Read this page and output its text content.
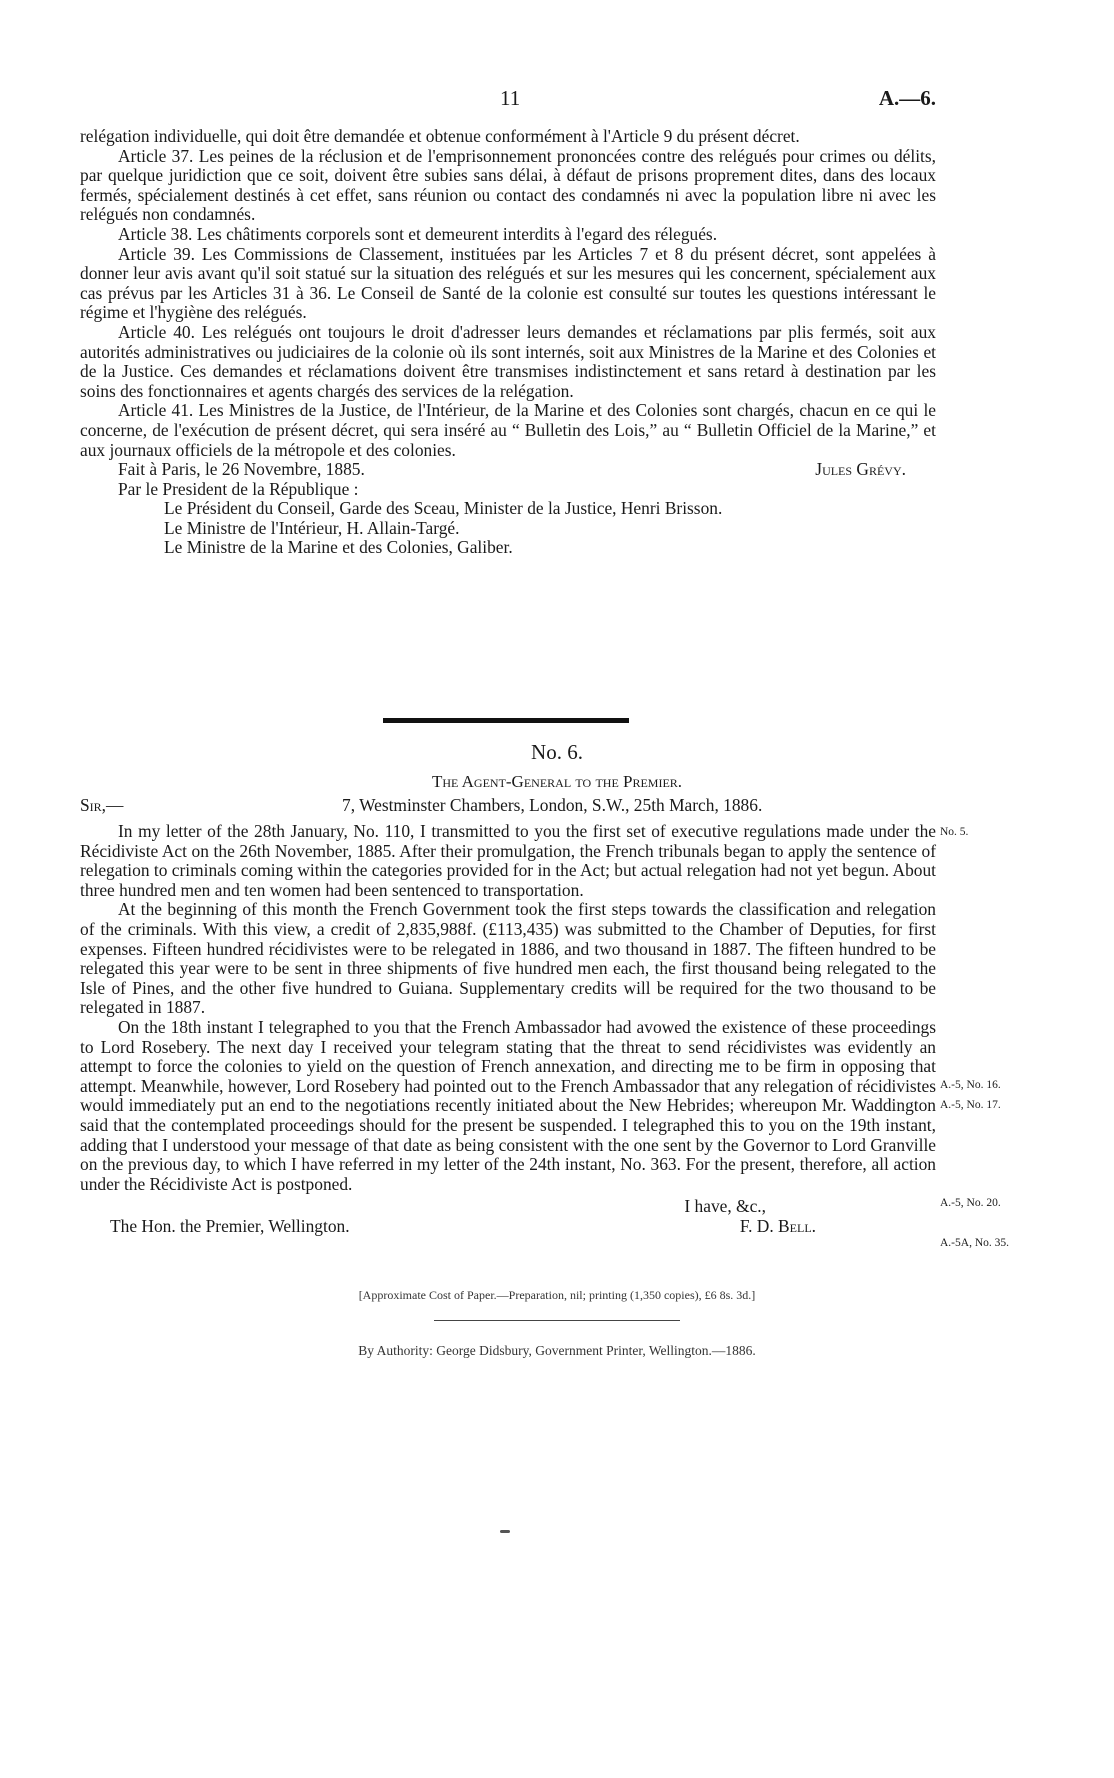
11	A.—6.

relégation individuelle, qui doit être demandée et obtenue conformément à l'Article 9 du présent décret.

Article 37. Les peines de la réclusion et de l'emprisonnement prononcées contre des relégués pour crimes ou délits, par quelque juridiction que ce soit, doivent être subies sans délai, à défaut de prisons proprement dites, dans des locaux fermés, spécialement destinés à cet effet, sans réunion ou contact des condamnés ni avec la population libre ni avec les relégués non condamnés.

Article 38. Les châtiments corporels sont et demeurent interdits à l'egard des rélegués.

Article 39. Les Commissions de Classement, instituées par les Articles 7 et 8 du présent décret, sont appelées à donner leur avis avant qu'il soit statué sur la situation des relégués et sur les mesures qui les concernent, spécialement aux cas prévus par les Articles 31 à 36. Le Conseil de Santé de la colonie est consulté sur toutes les questions intéressant le régime et l'hygiène des relégués.

Article 40. Les relégués ont toujours le droit d'adresser leurs demandes et réclamations par plis fermés, soit aux autorités administratives ou judiciaires de la colonie où ils sont internés, soit aux Ministres de la Marine et des Colonies et de la Justice. Ces demandes et réclamations doivent être transmises indistinctement et sans retard à destination par les soins des fonctionnaires et agents chargés des services de la relégation.

Article 41. Les Ministres de la Justice, de l'Intérieur, de la Marine et des Colonies sont chargés, chacun en ce qui le concerne, de l'exécution de présent décret, qui sera inséré au “ Bulletin des Lois,” au “ Bulletin Officiel de la Marine,” et aux journaux officiels de la métropole et des colonies.

Fait à Paris, le 26 Novembre, 1885.	Jules Grévy.

Par le President de la République :

Le Président du Conseil, Garde des Sceau, Minister de la Justice, Henri Brisson.

Le Ministre de l'Intérieur, H. Allain-Targé.

Le Ministre de la Marine et des Colonies, Galiber.

No. 6.
The Agent-General to the Premier.
Sir,—	7, Westminster Chambers, London, S.W., 25th March, 1886.

In my letter of the 28th January, No. 110, I transmitted to you the first set of executive regulations made under the Récidiviste Act on the 26th November, 1885. After their promulgation, the French tribunals began to apply the sentence of relegation to criminals coming within the categories provided for in the Act; but actual relegation had not yet begun. About three hundred men and ten women had been sentenced to transportation.

At the beginning of this month the French Government took the first steps towards the classification and relegation of the criminals. With this view, a credit of 2,835,988f. (£113,435) was submitted to the Chamber of Deputies, for first expenses. Fifteen hundred récidivistes were to be relegated in 1886, and two thousand in 1887. The fifteen hundred to be relegated this year were to be sent in three shipments of five hundred men each, the first thousand being relegated to the Isle of Pines, and the other five hundred to Guiana. Supplementary credits will be required for the two thousand to be relegated in 1887.

On the 18th instant I telegraphed to you that the French Ambassador had avowed the existence of these proceedings to Lord Rosebery. The next day I received your telegram stating that the threat to send récidivistes was evidently an attempt to force the colonies to yield on the question of French annexation, and directing me to be firm in opposing that attempt. Meanwhile, however, Lord Rosebery had pointed out to the French Ambassador that any relegation of récidivistes would immediately put an end to the negotiations recently initiated about the New Hebrides; whereupon Mr. Waddington said that the contemplated proceedings should for the present be suspended. I telegraphed this to you on the 19th instant, adding that I understood your message of that date as being consistent with the one sent by the Governor to Lord Granville on the previous day, to which I have referred in my letter of the 24th instant, No. 363. For the present, therefore, all action under the Récidiviste Act is postponed.

No. 5.
A.-5, No. 16.
A.-5, No. 17.
A.-5, No. 20.
A.-5A, No. 35.
[Approximate Cost of Paper.—Preparation, nil; printing (1,350 copies), £6 8s. 3d.]
By Authority: George Didsbury, Government Printer, Wellington.—1886.
I have, &c.,
The Hon. the Premier, Wellington.	F. D. Bell.
